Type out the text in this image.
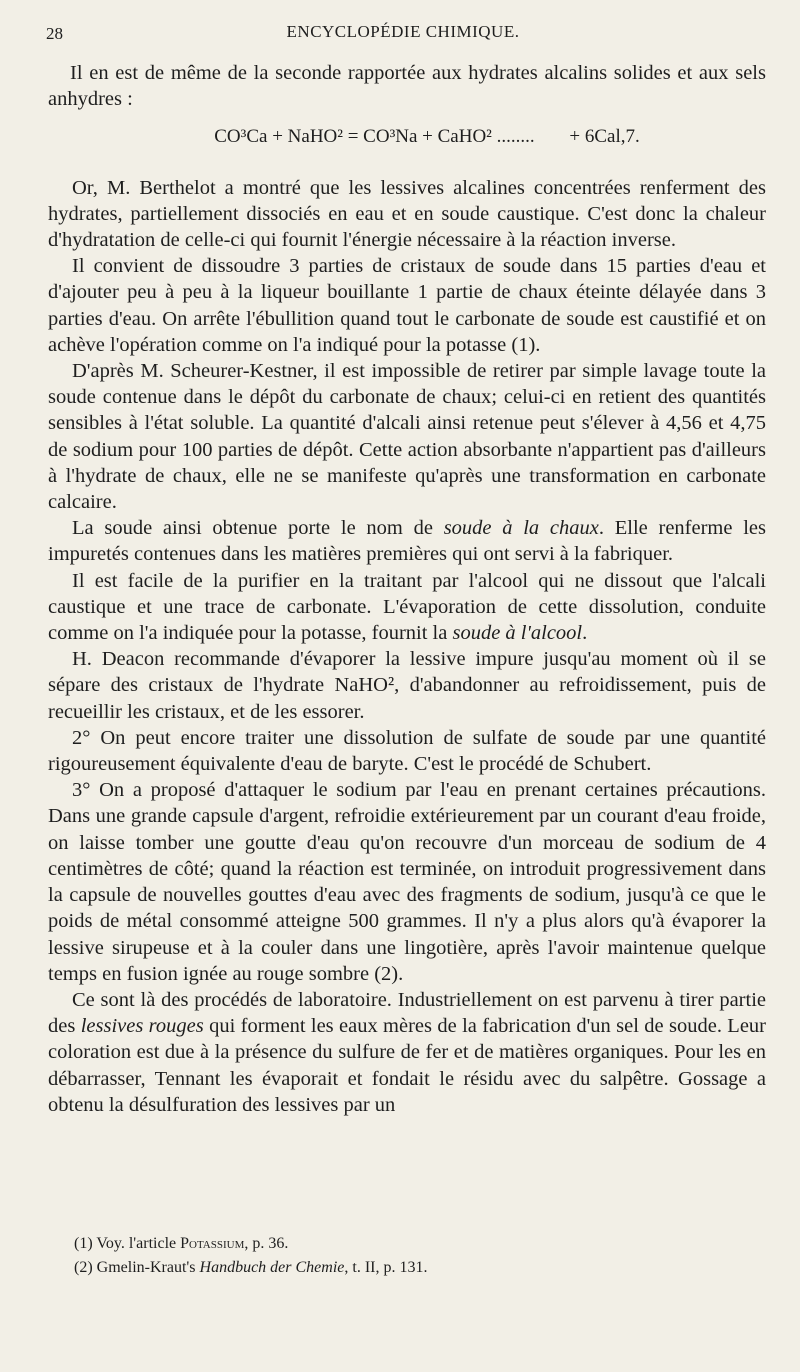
28	ENCYCLOPÉDIE CHIMIQUE.

Il en est de même de la seconde rapportée aux hydrates alcalins solides et aux sels anhydres :

CO³Ca + NaHO² = CO³Na + CaHO² ........ + 6Cal,7.

Or, M. Berthelot a montré que les lessives alcalines concentrées renferment des hydrates, partiellement dissociés en eau et en soude caustique. C'est donc la chaleur d'hydratation de celle-ci qui fournit l'énergie nécessaire à la réaction inverse.

Il convient de dissoudre 3 parties de cristaux de soude dans 15 parties d'eau et d'ajouter peu à peu à la liqueur bouillante 1 partie de chaux éteinte délayée dans 3 parties d'eau. On arrête l'ébullition quand tout le carbonate de soude est caustifié et on achève l'opération comme on l'a indiqué pour la potasse (1).

D'après M. Scheurer-Kestner, il est impossible de retirer par simple lavage toute la soude contenue dans le dépôt du carbonate de chaux; celui-ci en retient des quantités sensibles à l'état soluble. La quantité d'alcali ainsi retenue peut s'élever à 4,56 et 4,75 de sodium pour 100 parties de dépôt. Cette action absorbante n'appartient pas d'ailleurs à l'hydrate de chaux, elle ne se manifeste qu'après une transformation en carbonate calcaire.

La soude ainsi obtenue porte le nom de soude à la chaux. Elle renferme les impuretés contenues dans les matières premières qui ont servi à la fabriquer.

Il est facile de la purifier en la traitant par l'alcool qui ne dissout que l'alcali caustique et une trace de carbonate. L'évaporation de cette dissolution, conduite comme on l'a indiquée pour la potasse, fournit la soude à l'alcool.

H. Deacon recommande d'évaporer la lessive impure jusqu'au moment où il se sépare des cristaux de l'hydrate NaHO², d'abandonner au refroidissement, puis de recueillir les cristaux, et de les essorer.

2° On peut encore traiter une dissolution de sulfate de soude par une quantité rigoureusement équivalente d'eau de baryte. C'est le procédé de Schubert.

3° On a proposé d'attaquer le sodium par l'eau en prenant certaines précautions. Dans une grande capsule d'argent, refroidie extérieurement par un courant d'eau froide, on laisse tomber une goutte d'eau qu'on recouvre d'un morceau de sodium de 4 centimètres de côté; quand la réaction est terminée, on introduit progressivement dans la capsule de nouvelles gouttes d'eau avec des fragments de sodium, jusqu'à ce que le poids de métal consommé atteigne 500 grammes. Il n'y a plus alors qu'à évaporer la lessive sirupeuse et à la couler dans une lingotière, après l'avoir maintenue quelque temps en fusion ignée au rouge sombre (2).

Ce sont là des procédés de laboratoire. Industriellement on est parvenu à tirer partie des lessives rouges qui forment les eaux mères de la fabrication d'un sel de soude. Leur coloration est due à la présence du sulfure de fer et de matières organiques. Pour les en débarrasser, Tennant les évaporait et fondait le résidu avec du salpêtre. Gossage a obtenu la désulfuration des lessives par un

(1) Voy. l'article Potassium, p. 36.
(2) Gmelin-Kraut's Handbuch der Chemie, t. II, p. 131.
